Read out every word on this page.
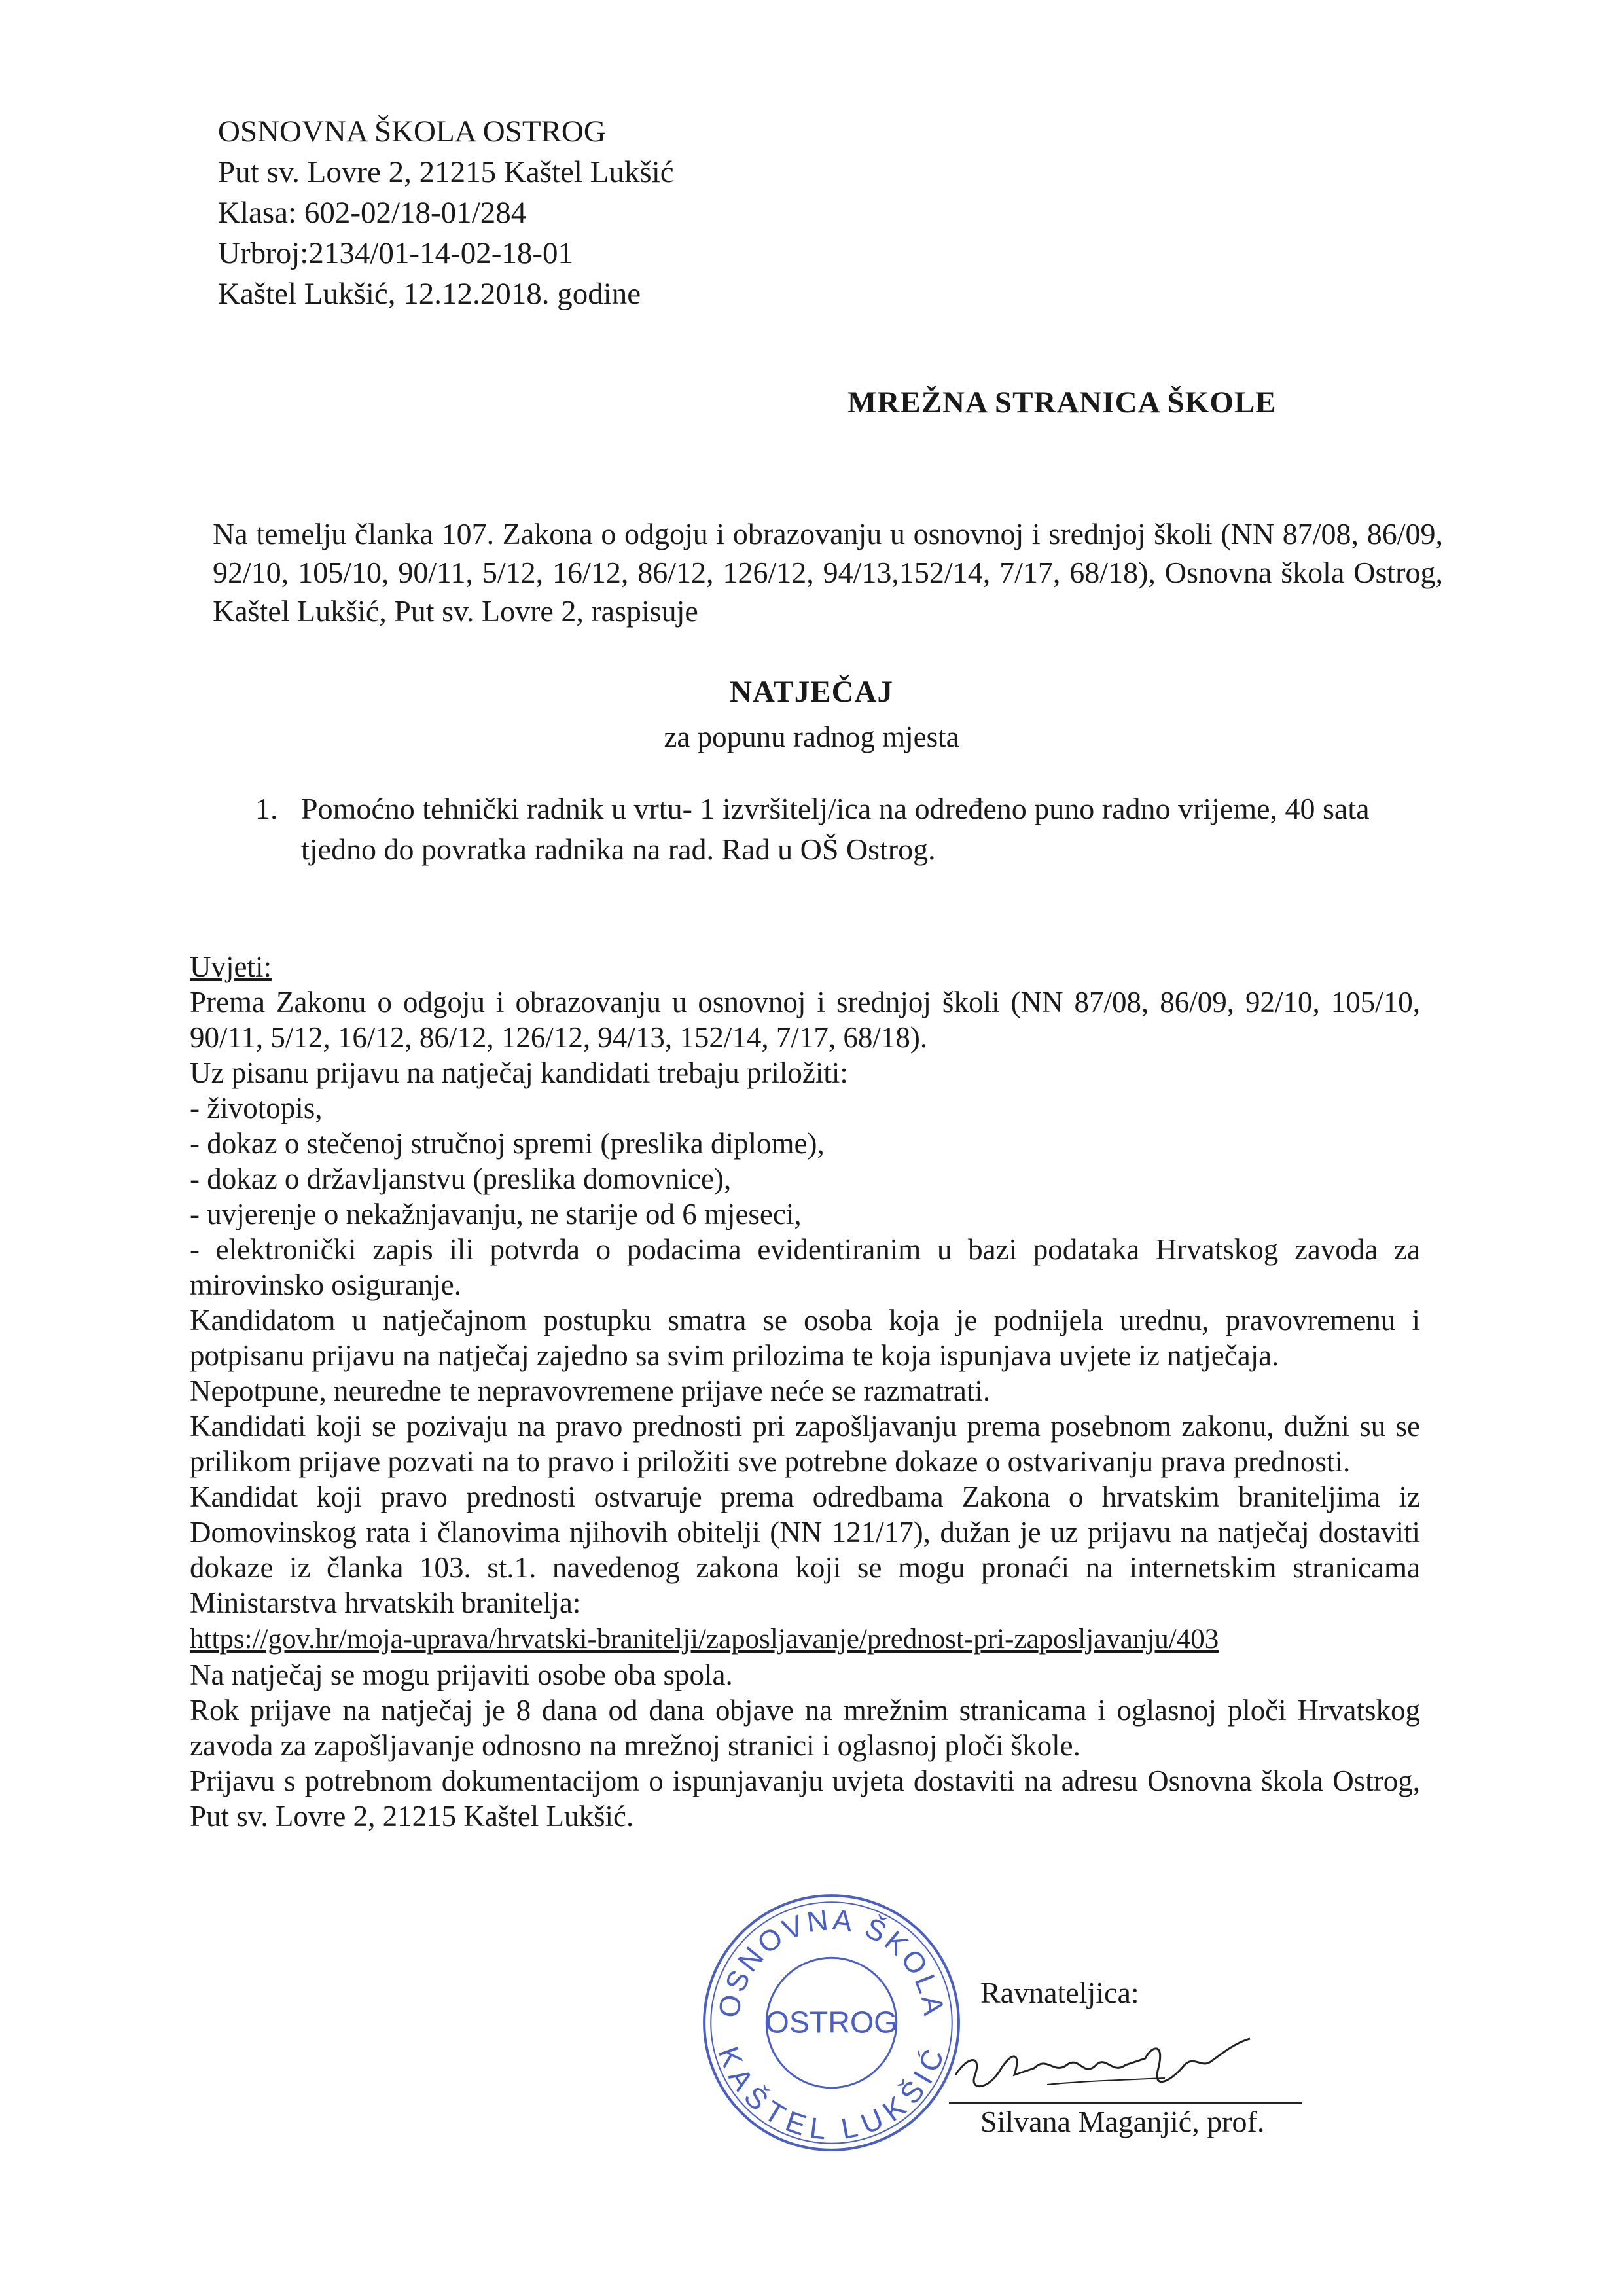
OSNOVNA ŠKOLA OSTROG
Put sv. Lovre 2, 21215 Kaštel Lukšić
Klasa: 602-02/18-01/284
Urbroj:2134/01-14-02-18-01
Kaštel Lukšić, 12.12.2018. godine
MREŽNA STRANICA ŠKOLE

Na temelju članka 107. Zakona o odgoju i obrazovanju u osnovnoj i srednjoj školi (NN 87/08, 86/09, 92/10, 105/10, 90/11, 5/12, 16/12, 86/12, 126/12, 94/13,152/14, 7/17, 68/18), Osnovna škola Ostrog, Kaštel Lukšić, Put sv. Lovre 2, raspisuje

NATJEČAJ
za popunu radnog mjesta
1. Pomoćno tehnički radnik u vrtu- 1 izvršitelj/ica na određeno puno radno vrijeme, 40 sata tjedno do povratka radnika na rad. Rad u OŠ Ostrog.

Uvjeti:

Prema Zakonu o odgoju i obrazovanju u osnovnoj i srednjoj školi (NN 87/08, 86/09, 92/10, 105/10, 90/11, 5/12, 16/12, 86/12, 126/12, 94/13, 152/14, 7/17, 68/18).

Uz pisanu prijavu na natječaj kandidati trebaju priložiti:

- životopis,

- dokaz o stečenoj stručnoj spremi (preslika diplome),

- dokaz o državljanstvu (preslika domovnice),

- uvjerenje o nekažnjavanju, ne starije od 6 mjeseci,

- elektronički zapis ili potvrda o podacima evidentiranim u bazi podataka Hrvatskog zavoda za mirovinsko osiguranje.

Kandidatom u natječajnom postupku smatra se osoba koja je podnijela urednu, pravovremenu i potpisanu prijavu na natječaj zajedno sa svim prilozima te koja ispunjava uvjete iz natječaja.

Nepotpune, neuredne te nepravovremene prijave neće se razmatrati.

Kandidati koji se pozivaju na pravo prednosti pri zapošljavanju prema posebnom zakonu, dužni su se prilikom prijave pozvati na to pravo i priložiti sve potrebne dokaze o ostvarivanju prava prednosti.

Kandidat koji pravo prednosti ostvaruje prema odredbama Zakona o hrvatskim braniteljima iz Domovinskog rata i članovima njihovih obitelji (NN 121/17), dužan je uz prijavu na natječaj dostaviti dokaze iz članka 103. st.1. navedenog zakona koji se mogu pronaći na internetskim stranicama Ministarstva hrvatskih branitelja:

https://gov.hr/moja-uprava/hrvatski-branitelji/zaposljavanje/prednost-pri-zaposljavanju/403

Na natječaj se mogu prijaviti osobe oba spola.

Rok prijave na natječaj je 8 dana od dana objave na mrežnim stranicama i oglasnoj ploči Hrvatskog zavoda za zapošljavanje odnosno na mrežnoj stranici i oglasnoj ploči škole.

Prijavu s potrebnom dokumentacijom o ispunjavanju uvjeta dostaviti na adresu Osnovna škola Ostrog, Put sv. Lovre 2, 21215 Kaštel Lukšić.

OSNOVNA ŠKOLA
KAŠTEL LUKŠIĆ
OSTROG
Ravnateljica:
Silvana Maganjić, prof.
